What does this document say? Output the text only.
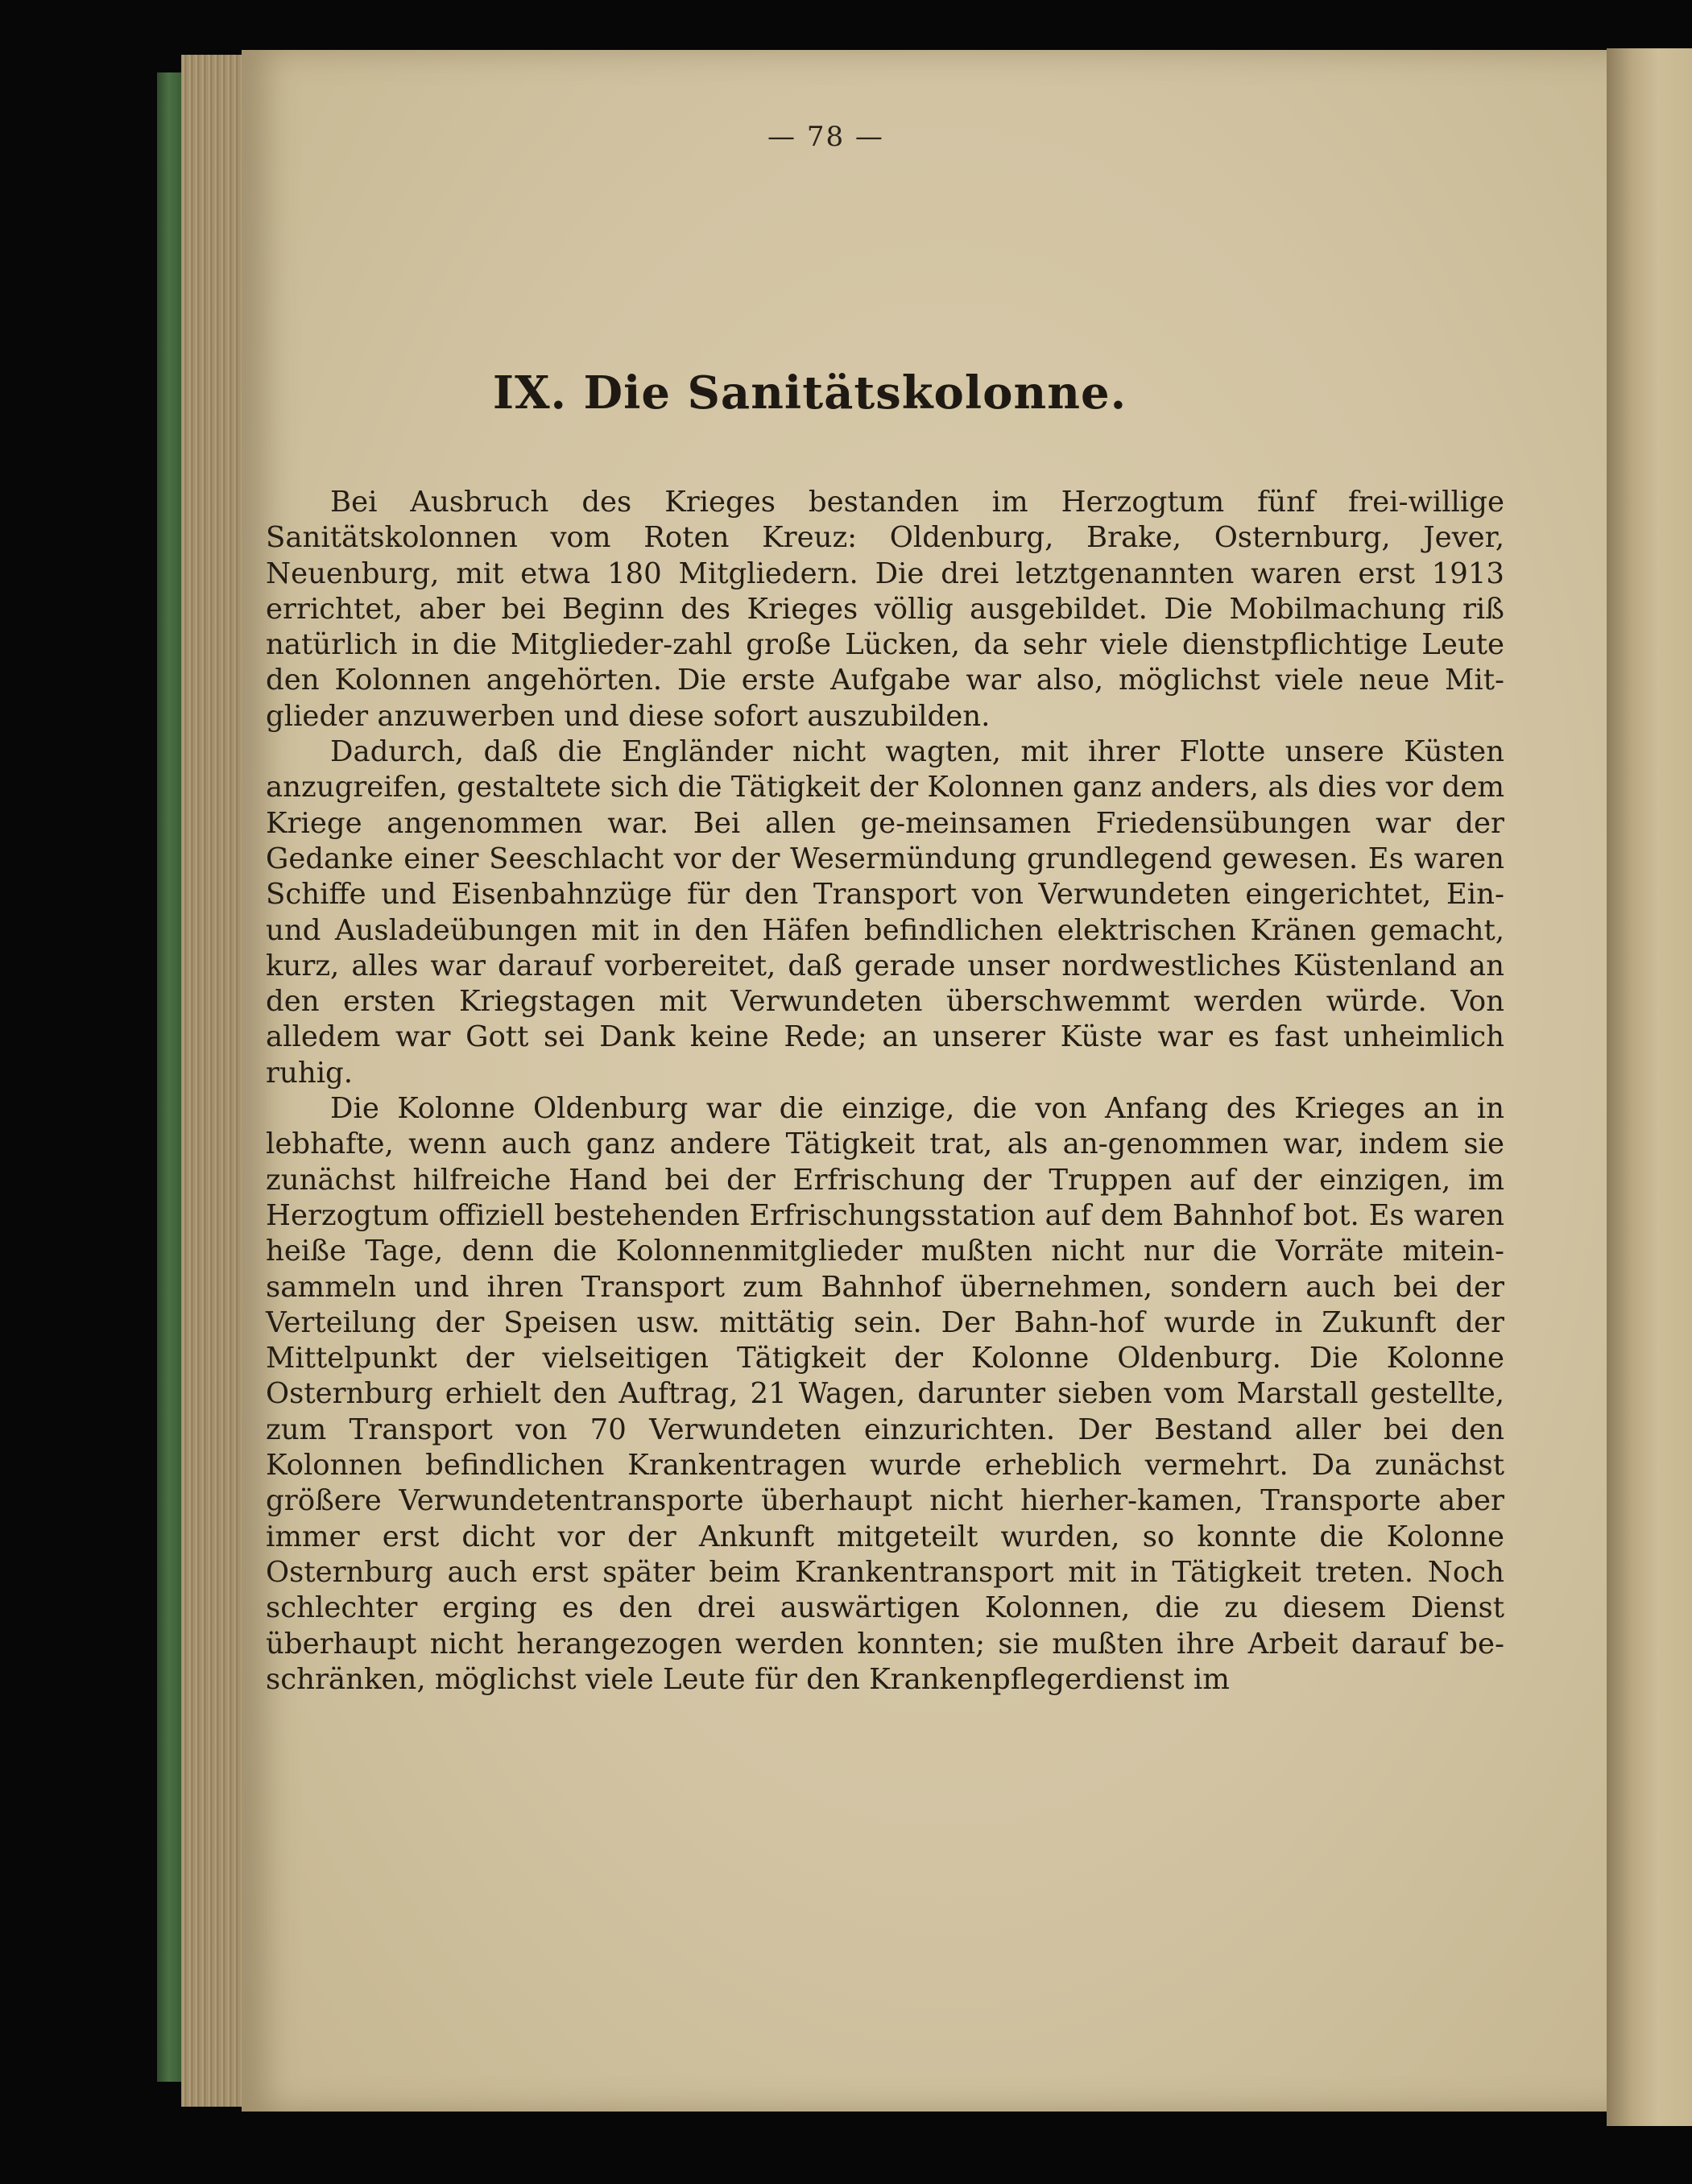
— 78 —
IX. Die Sanitätskolonne.

Bei Ausbruch des Krieges bestanden im Herzogtum fünf frei-willige Sanitätskolonnen vom Roten Kreuz: Oldenburg, Brake, Osternburg, Jever, Neuenburg, mit etwa 180 Mitgliedern. Die drei letztgenannten waren erst 1913 errichtet, aber bei Beginn des Krieges völlig ausgebildet. Die Mobilmachung riß natürlich in die Mitglieder-zahl große Lücken, da sehr viele dienstpflichtige Leute den Kolonnen angehörten. Die erste Aufgabe war also, möglichst viele neue Mit-glieder anzuwerben und diese sofort auszubilden.

Dadurch, daß die Engländer nicht wagten, mit ihrer Flotte unsere Küsten anzugreifen, gestaltete sich die Tätigkeit der Kolonnen ganz anders, als dies vor dem Kriege angenommen war. Bei allen ge-meinsamen Friedensübungen war der Gedanke einer Seeschlacht vor der Wesermündung grundlegend gewesen. Es waren Schiffe und Eisenbahnzüge für den Transport von Verwundeten eingerichtet, Ein- und Ausladeübungen mit in den Häfen befindlichen elektrischen Kränen gemacht, kurz, alles war darauf vorbereitet, daß gerade unser nordwestliches Küstenland an den ersten Kriegstagen mit Verwundeten überschwemmt werden würde. Von alledem war Gott sei Dank keine Rede; an unserer Küste war es fast unheimlich ruhig.

Die Kolonne Oldenburg war die einzige, die von Anfang des Krieges an in lebhafte, wenn auch ganz andere Tätigkeit trat, als an-genommen war, indem sie zunächst hilfreiche Hand bei der Erfrischung der Truppen auf der einzigen, im Herzogtum offiziell bestehenden Erfrischungsstation auf dem Bahnhof bot. Es waren heiße Tage, denn die Kolonnenmitglieder mußten nicht nur die Vorräte mitein-sammeln und ihren Transport zum Bahnhof übernehmen, sondern auch bei der Verteilung der Speisen usw. mittätig sein. Der Bahn-hof wurde in Zukunft der Mittelpunkt der vielseitigen Tätigkeit der Kolonne Oldenburg. Die Kolonne Osternburg erhielt den Auftrag, 21 Wagen, darunter sieben vom Marstall gestellte, zum Transport von 70 Verwundeten einzurichten. Der Bestand aller bei den Kolonnen befindlichen Krankentragen wurde erheblich vermehrt. Da zunächst größere Verwundetentransporte überhaupt nicht hierher-kamen, Transporte aber immer erst dicht vor der Ankunft mitgeteilt wurden, so konnte die Kolonne Osternburg auch erst später beim Krankentransport mit in Tätigkeit treten. Noch schlechter erging es den drei auswärtigen Kolonnen, die zu diesem Dienst überhaupt nicht herangezogen werden konnten; sie mußten ihre Arbeit darauf be-schränken, möglichst viele Leute für den Krankenpflegerdienst im
